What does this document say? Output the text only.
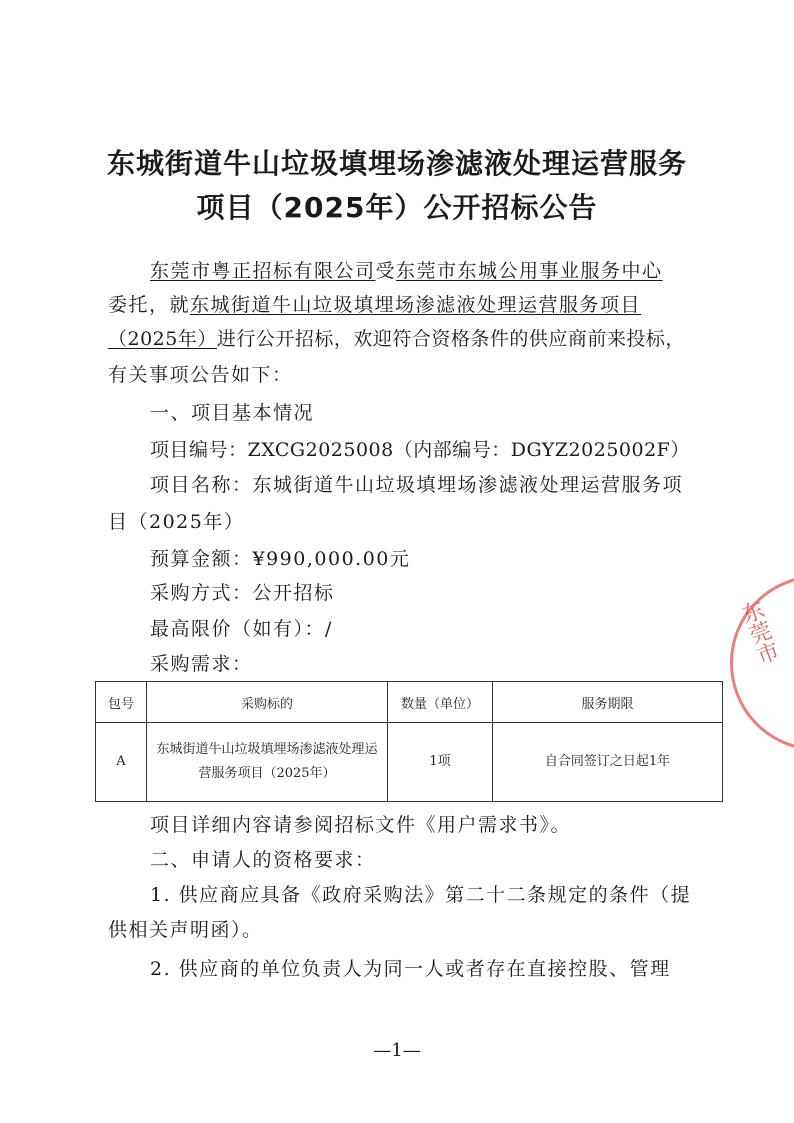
东城街道牛山垃圾填埋场渗滤液处理运营服务
项目（2025年）公开招标公告
东莞市粤正招标有限公司受东莞市东城公用事业服务中心
委托，就东城街道牛山垃圾填埋场渗滤液处理运营服务项目
（2025年）进行公开招标，欢迎符合资格条件的供应商前来投标，
有关事项公告如下：
一、项目基本情况
项目编号：ZXCG2025008（内部编号：DGYZ2025002F）
项目名称：东城街道牛山垃圾填埋场渗滤液处理运营服务项
目（2025年）
预算金额：¥990,000.00元
采购方式：公开招标
最高限价（如有）：/
采购需求：
包号	采购标的	数量（单位）	服务期限
A	东城街道牛山垃圾填埋场渗滤液处理运营服务项目（2025年）	1项	自合同签订之日起1年
项目详细内容请参阅招标文件《用户需求书》。
二、申请人的资格要求：
1. 供应商应具备《政府采购法》第二十二条规定的条件（提
供相关声明函）。
2. 供应商的单位负责人为同一人或者存在直接控股、管理
—1—
东莞市
